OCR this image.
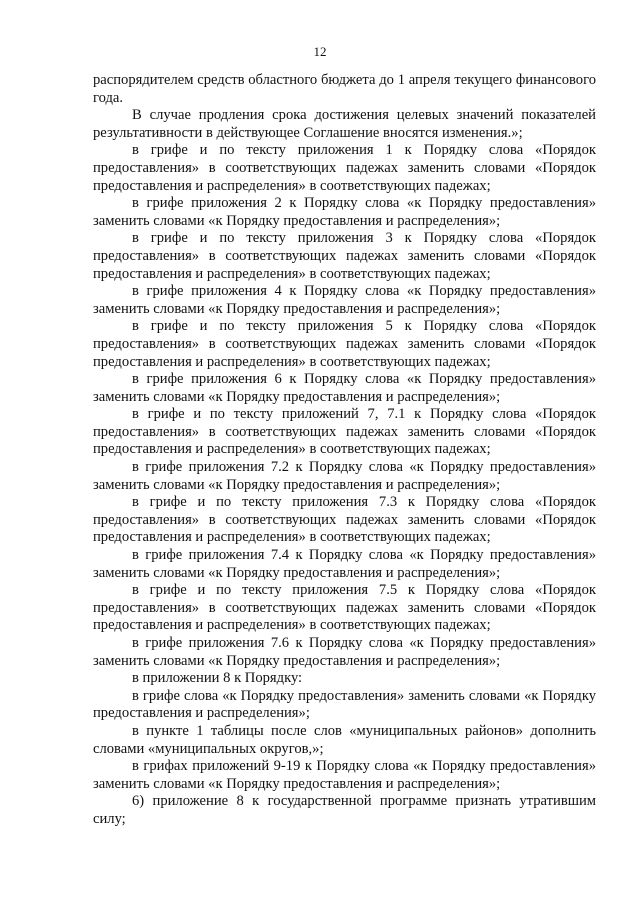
12

распорядителем средств областного бюджета до 1 апреля текущего финансового года.

В случае продления срока достижения целевых значений показателей результативности в действующее Соглашение вносятся изменения.»;

в грифе и по тексту приложения 1 к Порядку слова «Порядок предоставления» в соответствующих падежах заменить словами «Порядок предоставления и распределения» в соответствующих падежах;

в грифе приложения 2 к Порядку слова «к Порядку предоставления» заменить словами «к Порядку предоставления и распределения»;

в грифе и по тексту приложения 3 к Порядку слова «Порядок предоставления» в соответствующих падежах заменить словами «Порядок предоставления и распределения» в соответствующих падежах;

в грифе приложения 4 к Порядку слова «к Порядку предоставления» заменить словами «к Порядку предоставления и распределения»;

в грифе и по тексту приложения 5 к Порядку слова «Порядок предоставления» в соответствующих падежах заменить словами «Порядок предоставления и распределения» в соответствующих падежах;

в грифе приложения 6 к Порядку слова «к Порядку предоставления» заменить словами «к Порядку предоставления и распределения»;

в грифе и по тексту приложений 7, 7.1 к Порядку слова «Порядок предоставления» в соответствующих падежах заменить словами «Порядок предоставления и распределения» в соответствующих падежах;

в грифе приложения 7.2 к Порядку слова «к Порядку предоставления» заменить словами «к Порядку предоставления и распределения»;

в грифе и по тексту приложения 7.3 к Порядку слова «Порядок предоставления» в соответствующих падежах заменить словами «Порядок предоставления и распределения» в соответствующих падежах;

в грифе приложения 7.4 к Порядку слова «к Порядку предоставления» заменить словами «к Порядку предоставления и распределения»;

в грифе и по тексту приложения 7.5 к Порядку слова «Порядок предоставления» в соответствующих падежах заменить словами «Порядок предоставления и распределения» в соответствующих падежах;

в грифе приложения 7.6 к Порядку слова «к Порядку предоставления» заменить словами «к Порядку предоставления и распределения»;

в приложении 8 к Порядку:

в грифе слова «к Порядку предоставления» заменить словами «к Порядку предоставления и распределения»;

в пункте 1 таблицы после слов «муниципальных районов» дополнить словами «муниципальных округов,»;

в грифах приложений 9-19 к Порядку слова «к Порядку предоставления» заменить словами «к Порядку предоставления и распределения»;

6) приложение 8 к государственной программе признать утратившим силу;
